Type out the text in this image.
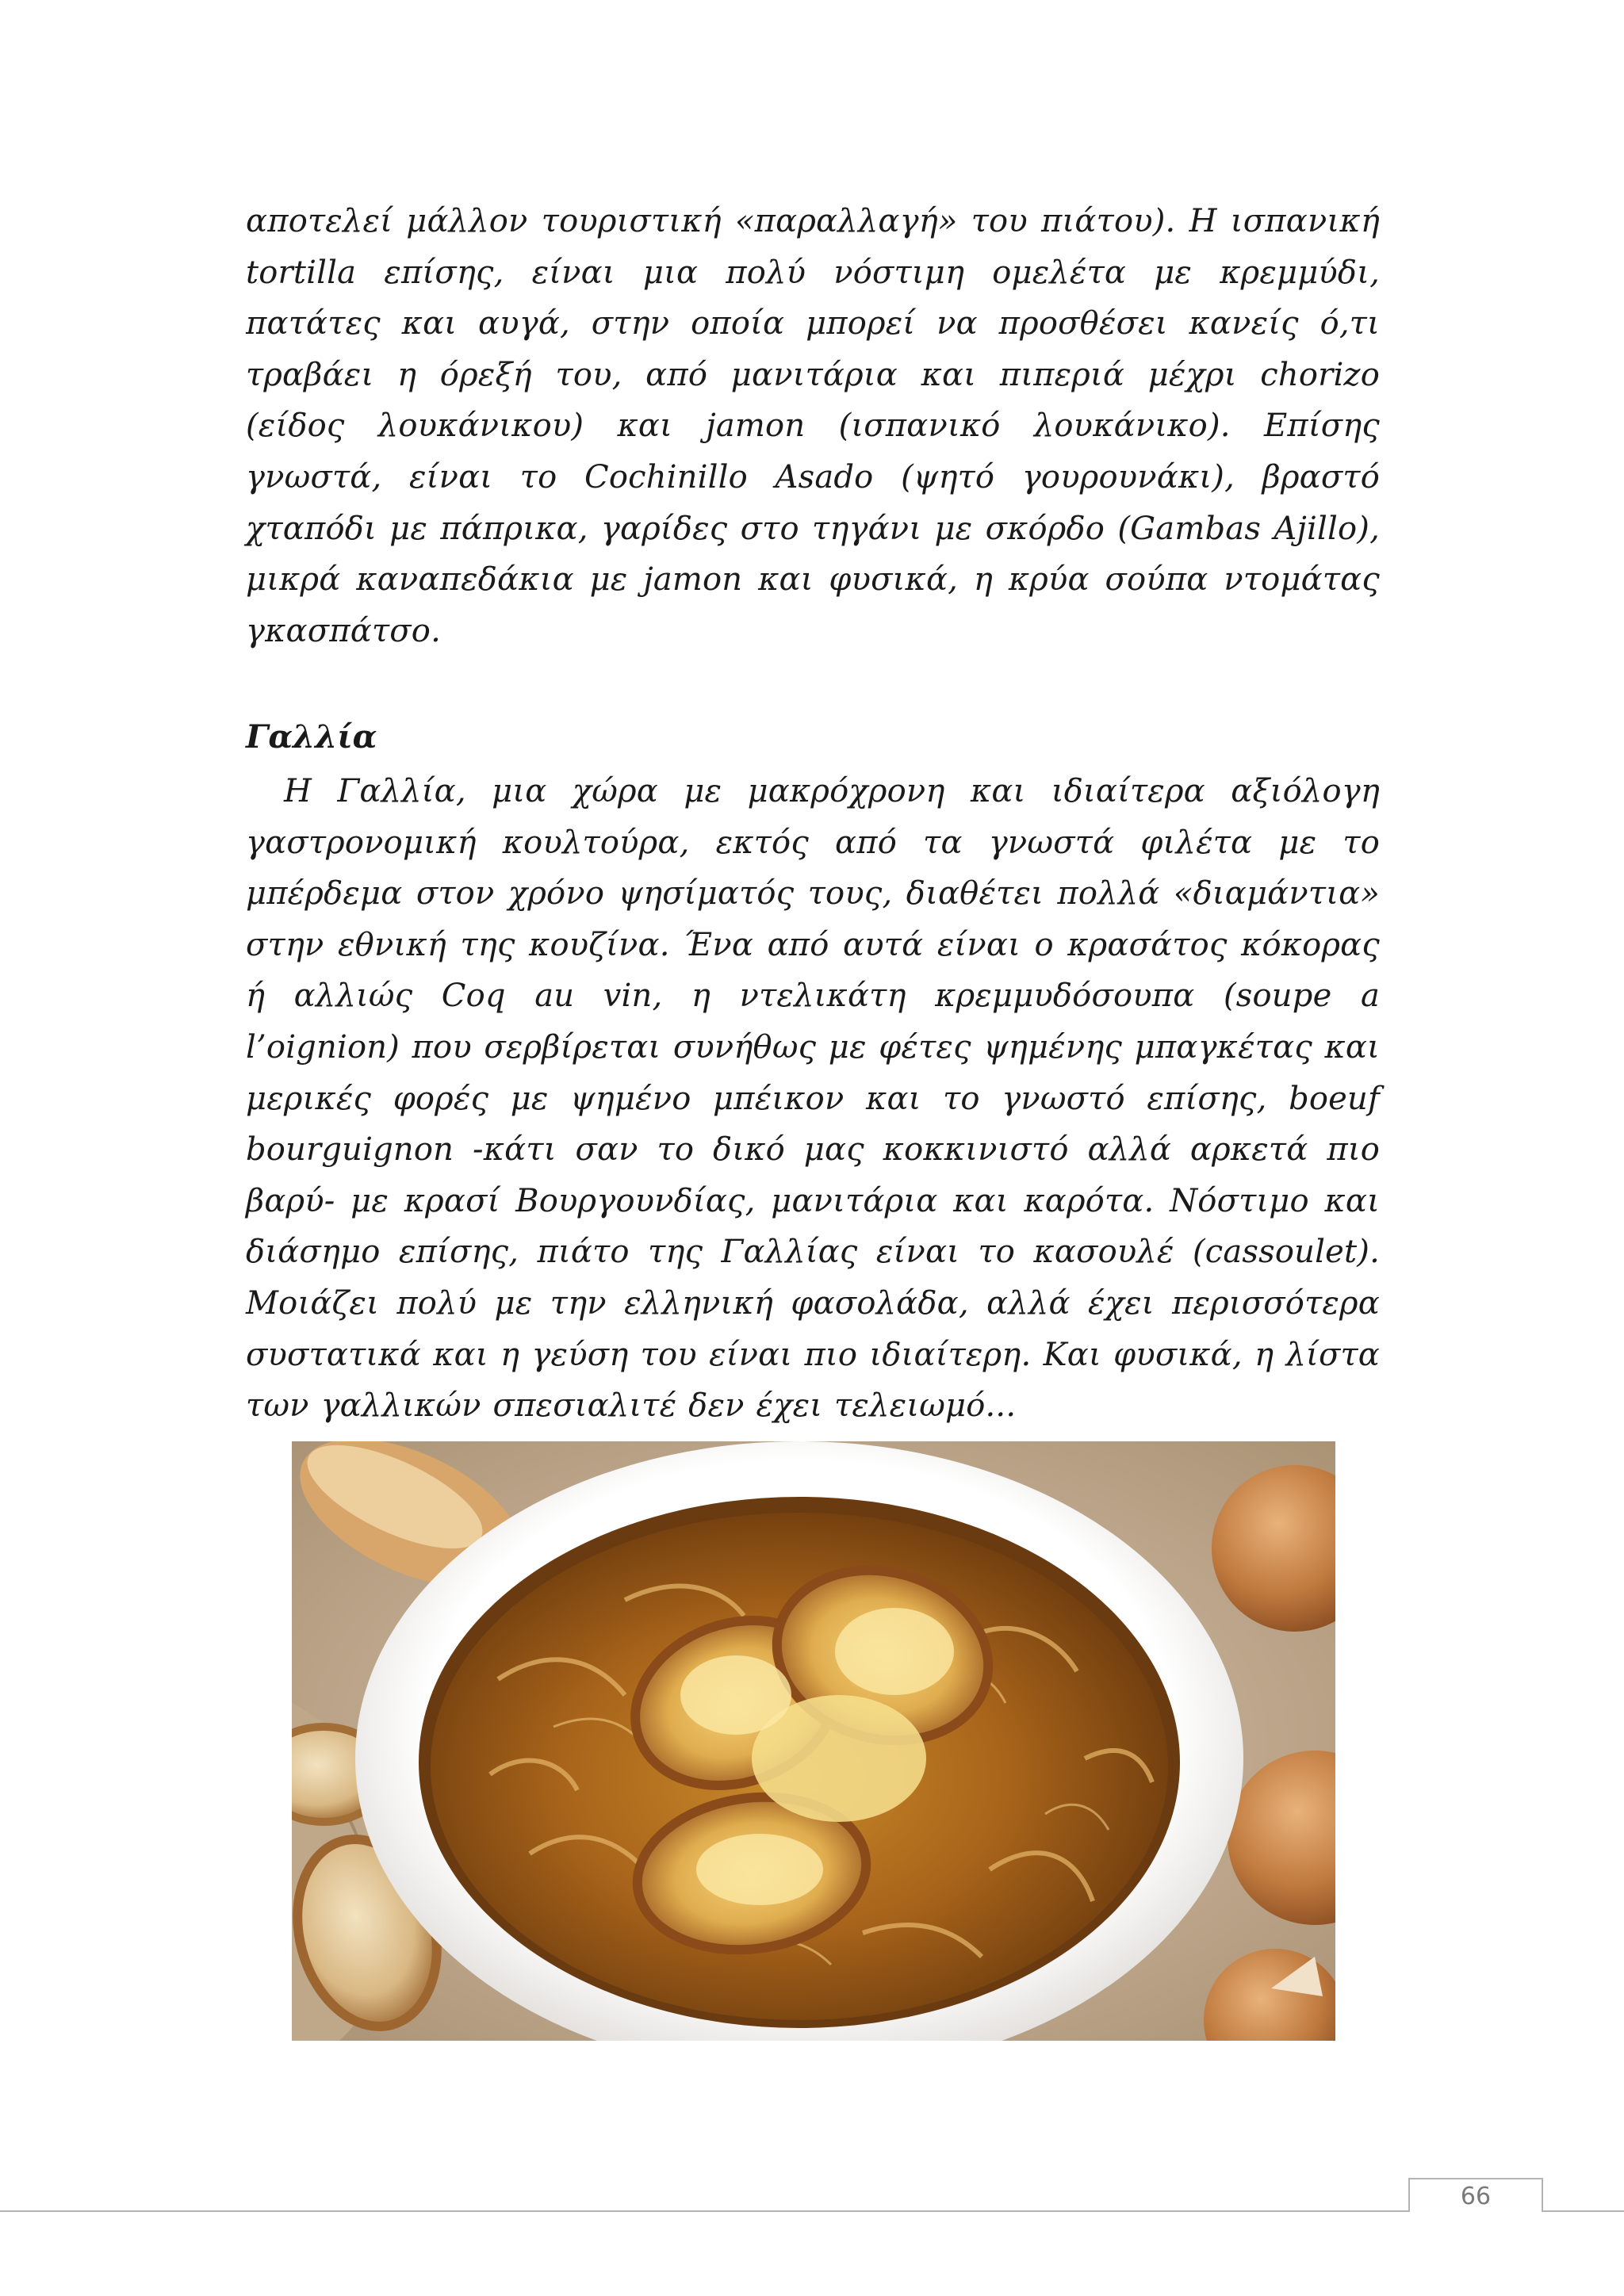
αποτελεί μάλλον τουριστική «παραλλαγή» του πιάτου). Η ισπανική tortilla επίσης, είναι μια πολύ νόστιμη ομελέτα με κρεμμύδι, πατάτες και αυγά, στην οποία μπορεί να προσθέσει κανείς ό,τι τραβάει η όρεξή του, από μανιτάρια και πιπεριά μέχρι chorizo (είδος λουκάνικου) και jamon (ισπανικό λουκάνικο). Επίσης γνωστά, είναι το Cochinillo Asado (ψητό γουρουνάκι), βραστό χταπόδι με πάπρικα, γαρίδες στο τηγάνι με σκόρδο (Gambas Ajillo), μικρά καναπεδάκια με jamon και φυσικά, η κρύα σούπα ντομάτας γκασπάτσο.

Γαλλία

Η Γαλλία, μια χώρα με μακρόχρονη και ιδιαίτερα αξιόλογη γαστρονομική κουλτούρα, εκτός από τα γνωστά φιλέτα με το μπέρδεμα στον χρόνο ψησίματός τους, διαθέτει πολλά «διαμάντια» στην εθνική της κουζίνα. Ένα από αυτά είναι ο κρασάτος κόκορας ή αλλιώς Coq au vin, η ντελικάτη κρεμμυδόσουπα (soupe a l’oignion) που σερβίρεται συνήθως με φέτες ψημένης μπαγκέτας και μερικές φορές με ψημένο μπέικον και το γνωστό επίσης, boeuf bourguignon -κάτι σαν το δικό μας κοκκινιστό αλλά αρκετά πιο βαρύ- με κρασί Βουργουνδίας, μανιτάρια και καρότα. Νόστιμο και διάσημο επίσης, πιάτο της Γαλλίας είναι το κασουλέ (cassoulet). Μοιάζει πολύ με την ελληνική φασολάδα, αλλά έχει περισσότερα συστατικά και η γεύση του είναι πιο ιδιαίτερη. Και φυσικά, η λίστα των γαλλικών σπεσιαλιτέ δεν έχει τελειωμό...

66
